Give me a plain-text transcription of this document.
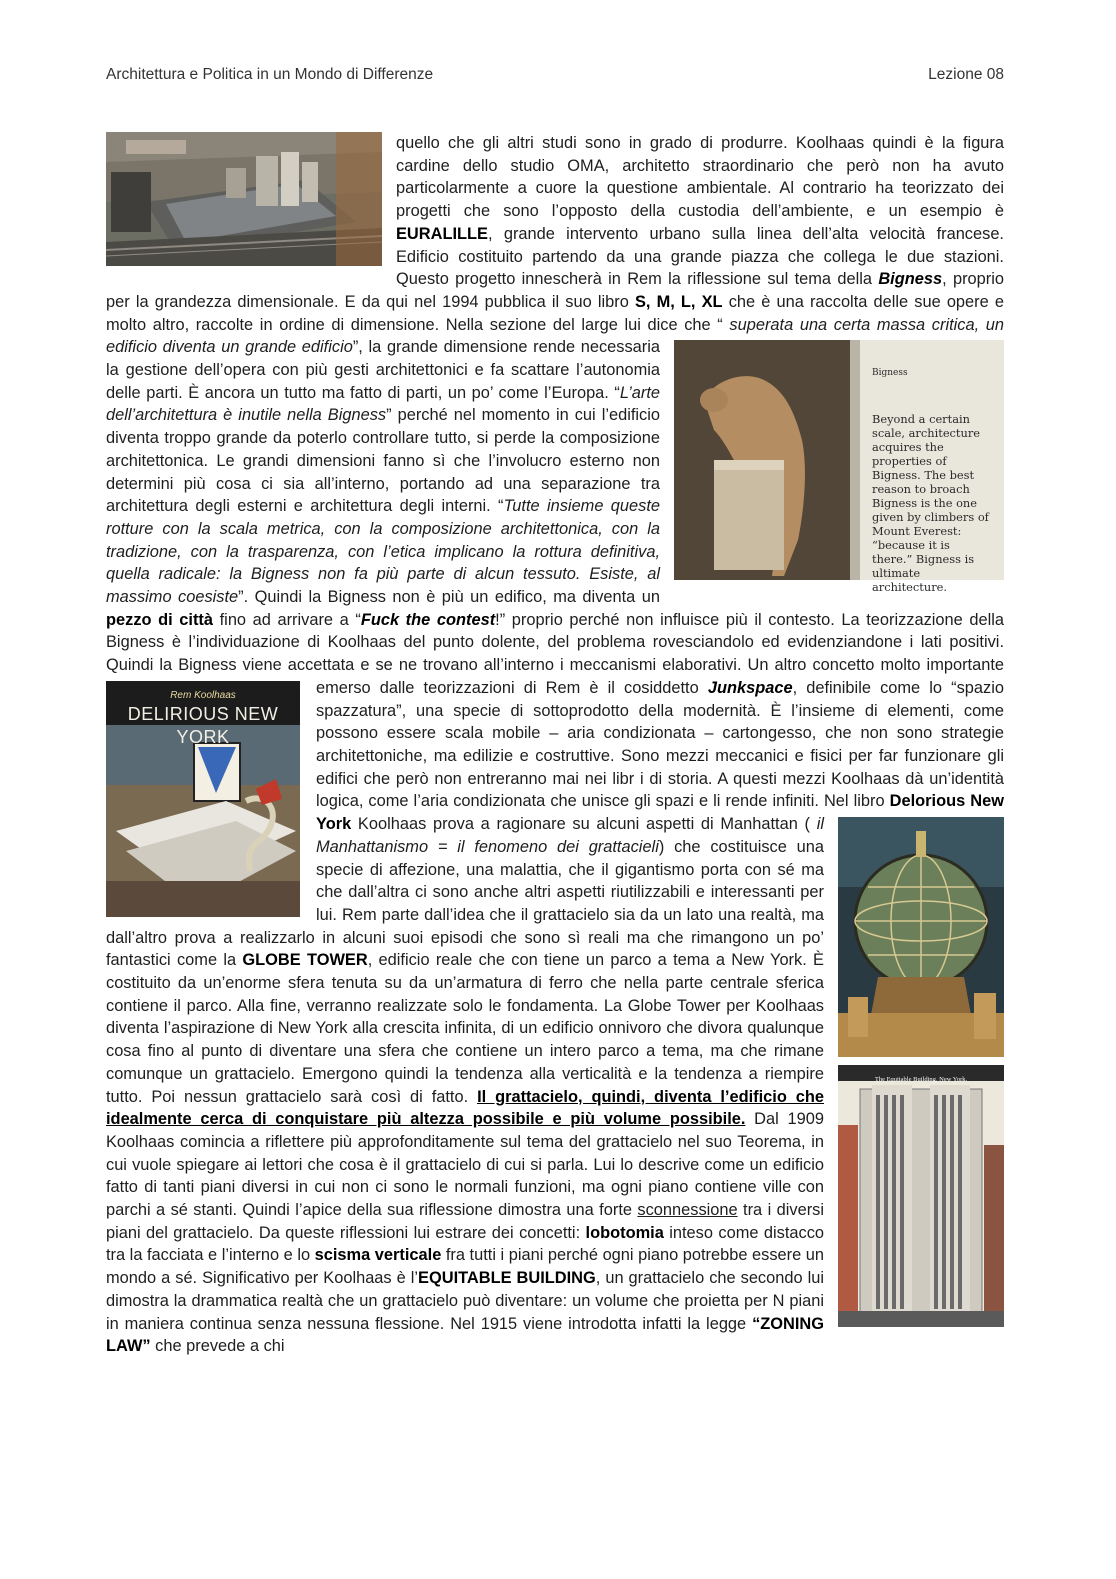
Architettura e Politica in un Mondo di Differenze	Lezione 08

quello che gli altri studi sono in grado di produrre. Koolhaas quindi è la figura cardine dello studio OMA, architetto straordinario che però non ha avuto particolarmente a cuore la questione ambientale. Al contrario ha teorizzato dei progetti che sono l’opposto della custodia dell’ambiente, e un esempio è EURALILLE, grande intervento urbano sulla linea dell’alta velocità francese. Edificio costituito partendo da una grande piazza che collega le due stazioni. Questo progetto innescherà in Rem la riflessione sul tema della Bigness, proprio per la grandezza dimensionale. E da qui nel 1994 pubblica il suo libro S, M, L, XL che è una raccolta delle sue opere e molto altro, raccolte in ordine di dimensione. Nella sezione del large lui dice che “
Bigness
Beyond a certain scale, architecture acquires the properties of Bigness. The best reason to broach Bigness is the one given by climbers of Mount Everest: “because it is there.” Bigness is ultimate architecture.
superata una certa massa critica, un edificio diventa un grande edificio”, la grande dimensione rende necessaria la gestione dell’opera con più gesti architettonici e fa scattare l’autonomia delle parti. È ancora un tutto ma fatto di parti, un po’ come l’Europa. “L’arte dell’architettura è inutile nella Bigness” perché nel momento in cui l’edificio diventa troppo grande da poterlo controllare tutto, si perde la composizione architettonica. Le grandi dimensioni fanno sì che l’involucro esterno non determini più cosa ci sia all’interno, portando ad una separazione tra architettura degli esterni e architettura degli interni. “Tutte insieme queste rotture con la scala metrica, con la composizione architettonica, con la tradizione, con la trasparenza, con l’etica implicano la rottura definitiva, quella radicale: la Bigness non fa più parte di alcun tessuto. Esiste, al massimo coesiste”. Quindi la Bigness non è più un edifico, ma diventa un pezzo di città fino ad arrivare a “Fuck the contest!” proprio perché non influisce più il contesto. La teorizzazione della Bigness è l’individuazione di Koolhaas del punto dolente, del problema rovesciandolo ed evidenziandone i lati positivi. Quindi la Bigness viene accettata e se ne trovano all’interno i meccanismi elaborativi. Un altro concetto molto importante emerso dalle teorizzazioni di Rem è il cosiddetto
Rem Koolhaas
DELIRIOUS NEW YORK
Junkspace, definibile come lo “spazio spazzatura”, una specie di sottoprodotto della modernità. È l’insieme di elementi, come possono essere scala mobile – aria condizionata – cartongesso, che non sono strategie architettoniche, ma edilizie e costruttive. Sono mezzi meccanici e fisici per far funzionare gli edifici che però non entreranno mai nei libr i di storia. A questi mezzi Koolhaas dà un’identità logica, come l’aria condizionata che unisce gli spazi e li rende infiniti. Nel libro Delorious New York Koolhaas prova a ragionare su alcuni aspetti di Manhattan (
The Equitable Building, New York.
il Manhattanismo = il fenomeno dei grattacieli) che costituisce una specie di affezione, una malattia, che il gigantismo porta con sé ma che dall’altra ci sono anche altri aspetti riutilizzabili e interessanti per lui. Rem parte dall’idea che il grattacielo sia da un lato una realtà, ma dall’altro prova a realizzarlo in alcuni suoi episodi che sono sì reali ma che rimangono un po’ fantastici come la GLOBE TOWER, edificio reale che con tiene un parco a tema a New York. È costituito da un’enorme sfera tenuta su da un’armatura di ferro che nella parte centrale sferica contiene il parco. Alla fine, verranno realizzate solo le fondamenta. La Globe Tower per Koolhaas diventa l’aspirazione di New York alla crescita infinita, di un edificio onnivoro che divora qualunque cosa fino al punto di diventare una sfera che contiene un intero parco a tema, ma che rimane comunque un grattacielo. Emergono quindi la tendenza alla verticalità e la tendenza a riempire tutto. Poi nessun grattacielo sarà così di fatto. Il grattacielo, quindi, diventa l’edificio che idealmente cerca di conquistare più altezza possibile e più volume possibile. Dal 1909 Koolhaas comincia a riflettere più approfonditamente sul tema del grattacielo nel suo Teorema, in cui vuole spiegare ai lettori che cosa è il grattacielo di cui si parla. Lui lo descrive come un edificio fatto di tanti piani diversi in cui non ci sono le normali funzioni, ma ogni piano contiene ville con parchi a sé stanti. Quindi l’apice della sua riflessione dimostra una forte sconnessione tra i diversi piani del grattacielo. Da queste riflessioni lui estrare dei concetti: lobotomia inteso come distacco tra la facciata e l’interno e lo scisma verticale fra tutti i piani perché ogni piano potrebbe essere un mondo a sé. Significativo per Koolhaas è l’EQUITABLE BUILDING, un grattacielo che secondo lui dimostra la drammatica realtà che un grattacielo può diventare: un volume che proietta per N piani in maniera continua senza nessuna flessione. Nel 1915 viene introdotta infatti la legge “ZONING LAW” che prevede a chi
